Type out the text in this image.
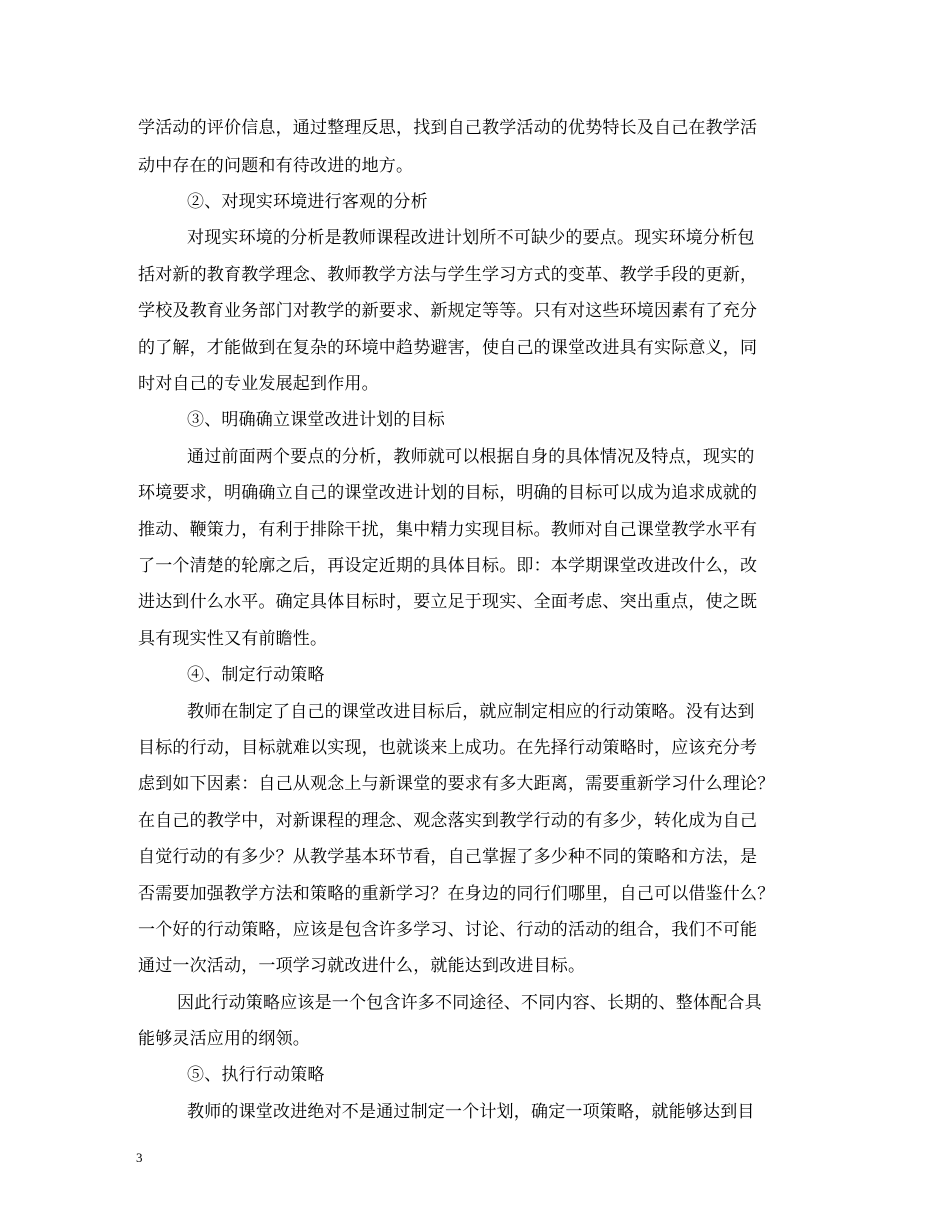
学活动的评价信息，通过整理反思，找到自己教学活动的优势特长及自己在教学活
动中存在的问题和有待改进的地方。
②、对现实环境进行客观的分析
对现实环境的分析是教师课程改进计划所不可缺少的要点。现实环境分析包
括对新的教育教学理念、教师教学方法与学生学习方式的变革、教学手段的更新，
学校及教育业务部门对教学的新要求、新规定等等。只有对这些环境因素有了充分
的了解，才能做到在复杂的环境中趋势避害，使自己的课堂改进具有实际意义，同
时对自己的专业发展起到作用。
③、明确确立课堂改进计划的目标
通过前面两个要点的分析，教师就可以根据自身的具体情况及特点，现实的
环境要求，明确确立自己的课堂改进计划的目标，明确的目标可以成为追求成就的
推动、鞭策力，有利于排除干扰，集中精力实现目标。教师对自己课堂教学水平有
了一个清楚的轮廓之后，再设定近期的具体目标。即：本学期课堂改进改什么，改
进达到什么水平。确定具体目标时，要立足于现实、全面考虑、突出重点，使之既
具有现实性又有前瞻性。
④、制定行动策略
教师在制定了自己的课堂改进目标后，就应制定相应的行动策略。没有达到
目标的行动，目标就难以实现，也就谈来上成功。在先择行动策略时，应该充分考
虑到如下因素：自己从观念上与新课堂的要求有多大距离，需要重新学习什么理论？
在自己的教学中，对新课程的理念、观念落实到教学行动的有多少，转化成为自己
自觉行动的有多少？从教学基本环节看，自己掌握了多少种不同的策略和方法，是
否需要加强教学方法和策略的重新学习？在身边的同行们哪里，自己可以借鉴什么？
一个好的行动策略，应该是包含许多学习、讨论、行动的活动的组合，我们不可能
通过一次活动，一项学习就改进什么，就能达到改进目标。
因此行动策略应该是一个包含许多不同途径、不同内容、长期的、整体配合具
能够灵活应用的纲领。
⑤、执行行动策略
教师的课堂改进绝对不是通过制定一个计划，确定一项策略，就能够达到目
3
